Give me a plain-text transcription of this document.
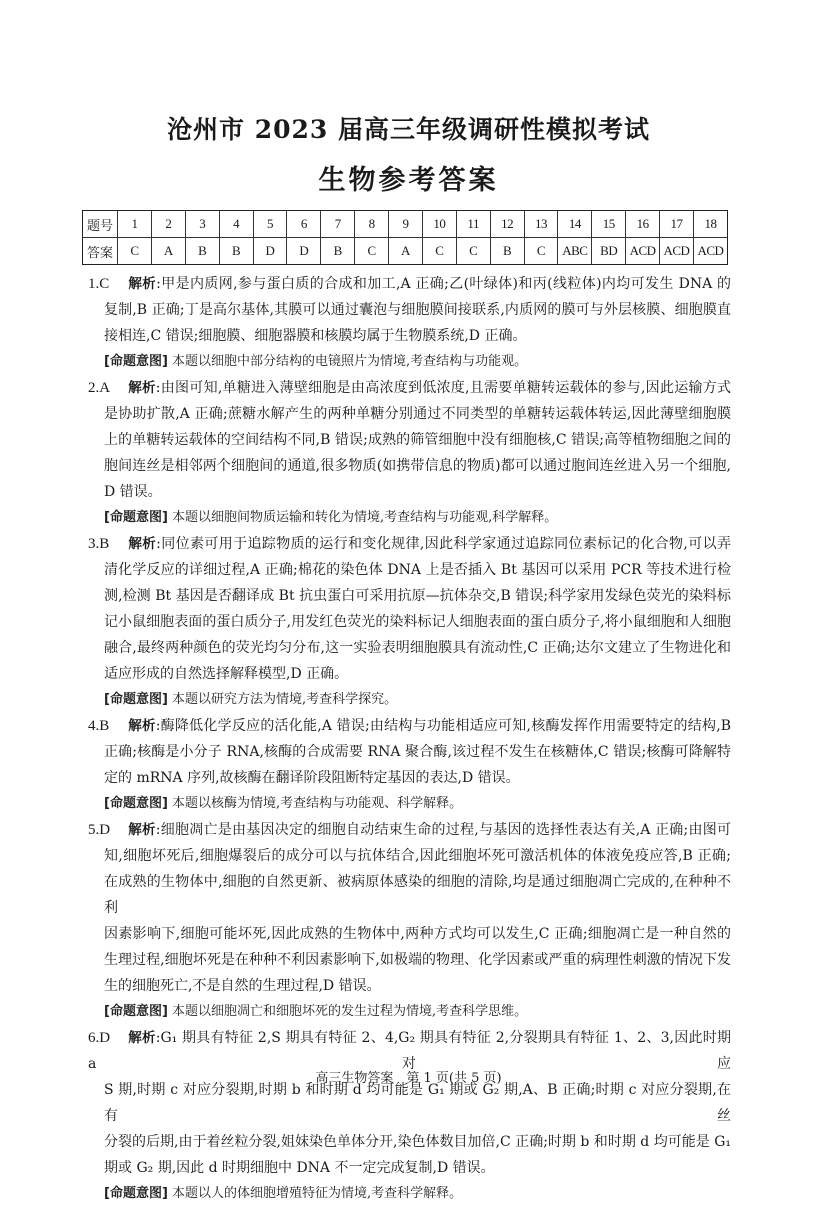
沧州市 2023 届高三年级调研性模拟考试
生物参考答案
题号	1	2	3	4	5	6	7	8	9	10	11	12	13	14	15	16	17	18
答案	C	A	B	B	D	D	B	C	A	C	C	B	C	ABC	BD	ACD	ACD	ACD
1.C 解析:甲是内质网,参与蛋白质的合成和加工,A 正确;乙(叶绿体)和丙(线粒体)内均可发生 DNA 的
复制,B 正确;丁是高尔基体,其膜可以通过囊泡与细胞膜间接联系,内质网的膜可与外层核膜、细胞膜直
接相连,C 错误;细胞膜、细胞器膜和核膜均属于生物膜系统,D 正确。
[命题意图] 本题以细胞中部分结构的电镜照片为情境,考查结构与功能观。
2.A 解析:由图可知,单糖进入薄壁细胞是由高浓度到低浓度,且需要单糖转运载体的参与,因此运输方式
是协助扩散,A 正确;蔗糖水解产生的两种单糖分别通过不同类型的单糖转运载体转运,因此薄壁细胞膜
上的单糖转运载体的空间结构不同,B 错误;成熟的筛管细胞中没有细胞核,C 错误;高等植物细胞之间的
胞间连丝是相邻两个细胞间的通道,很多物质(如携带信息的物质)都可以通过胞间连丝进入另一个细胞,
D 错误。
[命题意图] 本题以细胞间物质运输和转化为情境,考查结构与功能观,科学解释。
3.B 解析:同位素可用于追踪物质的运行和变化规律,因此科学家通过追踪同位素标记的化合物,可以弄
清化学反应的详细过程,A 正确;棉花的染色体 DNA 上是否插入 Bt 基因可以采用 PCR 等技术进行检
测,检测 Bt 基因是否翻译成 Bt 抗虫蛋白可采用抗原—抗体杂交,B 错误;科学家用发绿色荧光的染料标
记小鼠细胞表面的蛋白质分子,用发红色荧光的染料标记人细胞表面的蛋白质分子,将小鼠细胞和人细胞
融合,最终两种颜色的荧光均匀分布,这一实验表明细胞膜具有流动性,C 正确;达尔文建立了生物进化和
适应形成的自然选择解释模型,D 正确。
[命题意图] 本题以研究方法为情境,考查科学探究。
4.B 解析:酶降低化学反应的活化能,A 错误;由结构与功能相适应可知,核酶发挥作用需要特定的结构,B
正确;核酶是小分子 RNA,核酶的合成需要 RNA 聚合酶,该过程不发生在核糖体,C 错误;核酶可降解特
定的 mRNA 序列,故核酶在翻译阶段阻断特定基因的表达,D 错误。
[命题意图] 本题以核酶为情境,考查结构与功能观、科学解释。
5.D 解析:细胞凋亡是由基因决定的细胞自动结束生命的过程,与基因的选择性表达有关,A 正确;由图可
知,细胞坏死后,细胞爆裂后的成分可以与抗体结合,因此细胞坏死可激活机体的体液免疫应答,B 正确;
在成熟的生物体中,细胞的自然更新、被病原体感染的细胞的清除,均是通过细胞凋亡完成的,在种种不利
因素影响下,细胞可能坏死,因此成熟的生物体中,两种方式均可以发生,C 正确;细胞凋亡是一种自然的
生理过程,细胞坏死是在种种不利因素影响下,如极端的物理、化学因素或严重的病理性刺激的情况下发
生的细胞死亡,不是自然的生理过程,D 错误。
[命题意图] 本题以细胞凋亡和细胞坏死的发生过程为情境,考查科学思维。
6.D 解析:G₁ 期具有特征 2,S 期具有特征 2、4,G₂ 期具有特征 2,分裂期具有特征 1、2、3,因此时期 a 对应
S 期,时期 c 对应分裂期,时期 b 和时期 d 均可能是 G₁ 期或 G₂ 期,A、B 正确;时期 c 对应分裂期,在有丝
分裂的后期,由于着丝粒分裂,姐妹染色单体分开,染色体数目加倍,C 正确;时期 b 和时期 d 均可能是 G₁
期或 G₂ 期,因此 d 时期细胞中 DNA 不一定完成复制,D 错误。
[命题意图] 本题以人的体细胞增殖特征为情境,考查科学解释。
高三生物答案　第 1 页(共 5 页)
